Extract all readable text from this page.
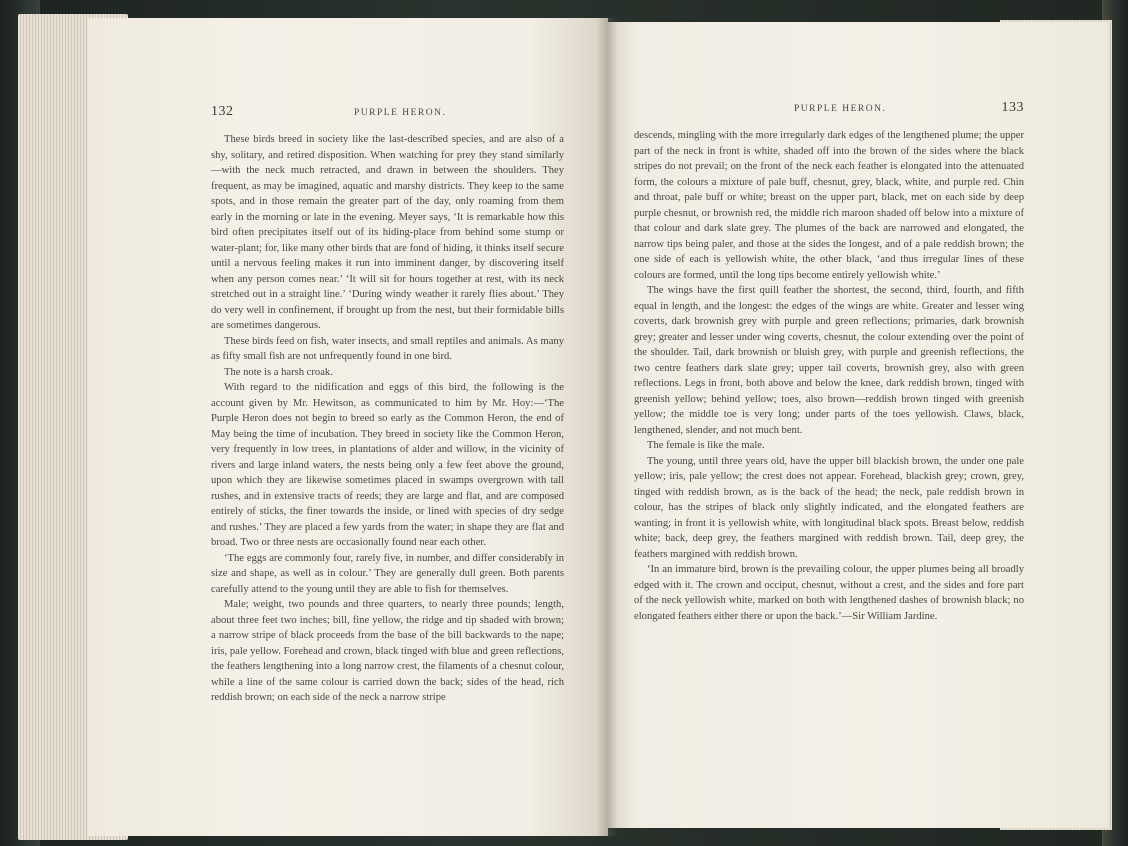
132	PURPLE HERON.

These birds breed in society like the last-described species, and are also of a shy, solitary, and retired disposition. When watching for prey they stand similarly—with the neck much retracted, and drawn in between the shoulders. They frequent, as may be imagined, aquatic and marshy districts. They keep to the same spots, and in those remain the greater part of the day, only roaming from them early in the morning or late in the evening. Meyer says, ‘It is remarkable how this bird often precipitates itself out of its hiding-place from behind some stump or water-plant; for, like many other birds that are fond of hiding, it thinks itself secure until a nervous feeling makes it run into imminent danger, by discovering itself when any person comes near.’ ‘It will sit for hours together at rest, with its neck stretched out in a straight line.’ ‘During windy weather it rarely flies about.’ They do very well in confinement, if brought up from the nest, but their formidable bills are sometimes dangerous.

These birds feed on fish, water insects, and small reptiles and animals. As many as fifty small fish are not unfrequently found in one bird.

The note is a harsh croak.

With regard to the nidification and eggs of this bird, the following is the account given by Mr. Hewitson, as communicated to him by Mr. Hoy:—‘The Purple Heron does not begin to breed so early as the Common Heron, the end of May being the time of incubation. They breed in society like the Common Heron, very frequently in low trees, in plantations of alder and willow, in the vicinity of rivers and large inland waters, the nests being only a few feet above the ground, upon which they are likewise sometimes placed in swamps overgrown with tall rushes, and in extensive tracts of reeds; they are large and flat, and are composed entirely of sticks, the finer towards the inside, or lined with species of dry sedge and rushes.’ They are placed a few yards from the water; in shape they are flat and broad. Two or three nests are occasionally found near each other.

‘The eggs are commonly four, rarely five, in number, and differ considerably in size and shape, as well as in colour.’ They are generally dull green. Both parents carefully attend to the young until they are able to fish for themselves.

Male; weight, two pounds and three quarters, to nearly three pounds; length, about three feet two inches; bill, fine yellow, the ridge and tip shaded with brown; a narrow stripe of black proceeds from the base of the bill backwards to the nape; iris, pale yellow. Forehead and crown, black tinged with blue and green reflections, the feathers lengthening into a long narrow crest, the filaments of a chesnut colour, while a line of the same colour is carried down the back; sides of the head, rich reddish brown; on each side of the neck a narrow stripe

PURPLE HERON.	133

descends, mingling with the more irregularly dark edges of the lengthened plume; the upper part of the neck in front is white, shaded off into the brown of the sides where the black stripes do not prevail; on the front of the neck each feather is elongated into the attenuated form, the colours a mixture of pale buff, chesnut, grey, black, white, and purple red. Chin and throat, pale buff or white; breast on the upper part, black, met on each side by deep purple chesnut, or brownish red, the middle rich maroon shaded off below into a mixture of that colour and dark slate grey. The plumes of the back are narrowed and elongated, the narrow tips being paler, and those at the sides the longest, and of a pale reddish brown; the one side of each is yellowish white, the other black, ‘and thus irregular lines of these colours are formed, until the long tips become entirely yellowish white.’

The wings have the first quill feather the shortest, the second, third, fourth, and fifth equal in length, and the longest: the edges of the wings are white. Greater and lesser wing coverts, dark brownish grey with purple and green reflections; primaries, dark brownish grey; greater and lesser under wing coverts, chesnut, the colour extending over the point of the shoulder. Tail, dark brownish or bluish grey, with purple and greenish reflections, the two centre feathers dark slate grey; upper tail coverts, brownish grey, also with green reflections. Legs in front, both above and below the knee, dark reddish brown, tinged with greenish yellow; behind yellow; toes, also brown—reddish brown tinged with greenish yellow; the middle toe is very long; under parts of the toes yellowish. Claws, black, lengthened, slender, and not much bent.

The female is like the male.

The young, until three years old, have the upper bill blackish brown, the under one pale yellow; iris, pale yellow; the crest does not appear. Forehead, blackish grey; crown, grey, tinged with reddish brown, as is the back of the head; the neck, pale reddish brown in colour, has the stripes of black only slightly indicated, and the elongated feathers are wanting; in front it is yellowish white, with longitudinal black spots. Breast below, reddish white; back, deep grey, the feathers margined with reddish brown. Tail, deep grey, the feathers margined with reddish brown.

‘In an immature bird, brown is the prevailing colour, the upper plumes being all broadly edged with it. The crown and occiput, chesnut, without a crest, and the sides and fore part of the neck yellowish white, marked on both with lengthened dashes of brownish black; no elongated feathers either there or upon the back.’—Sir William Jardine.
